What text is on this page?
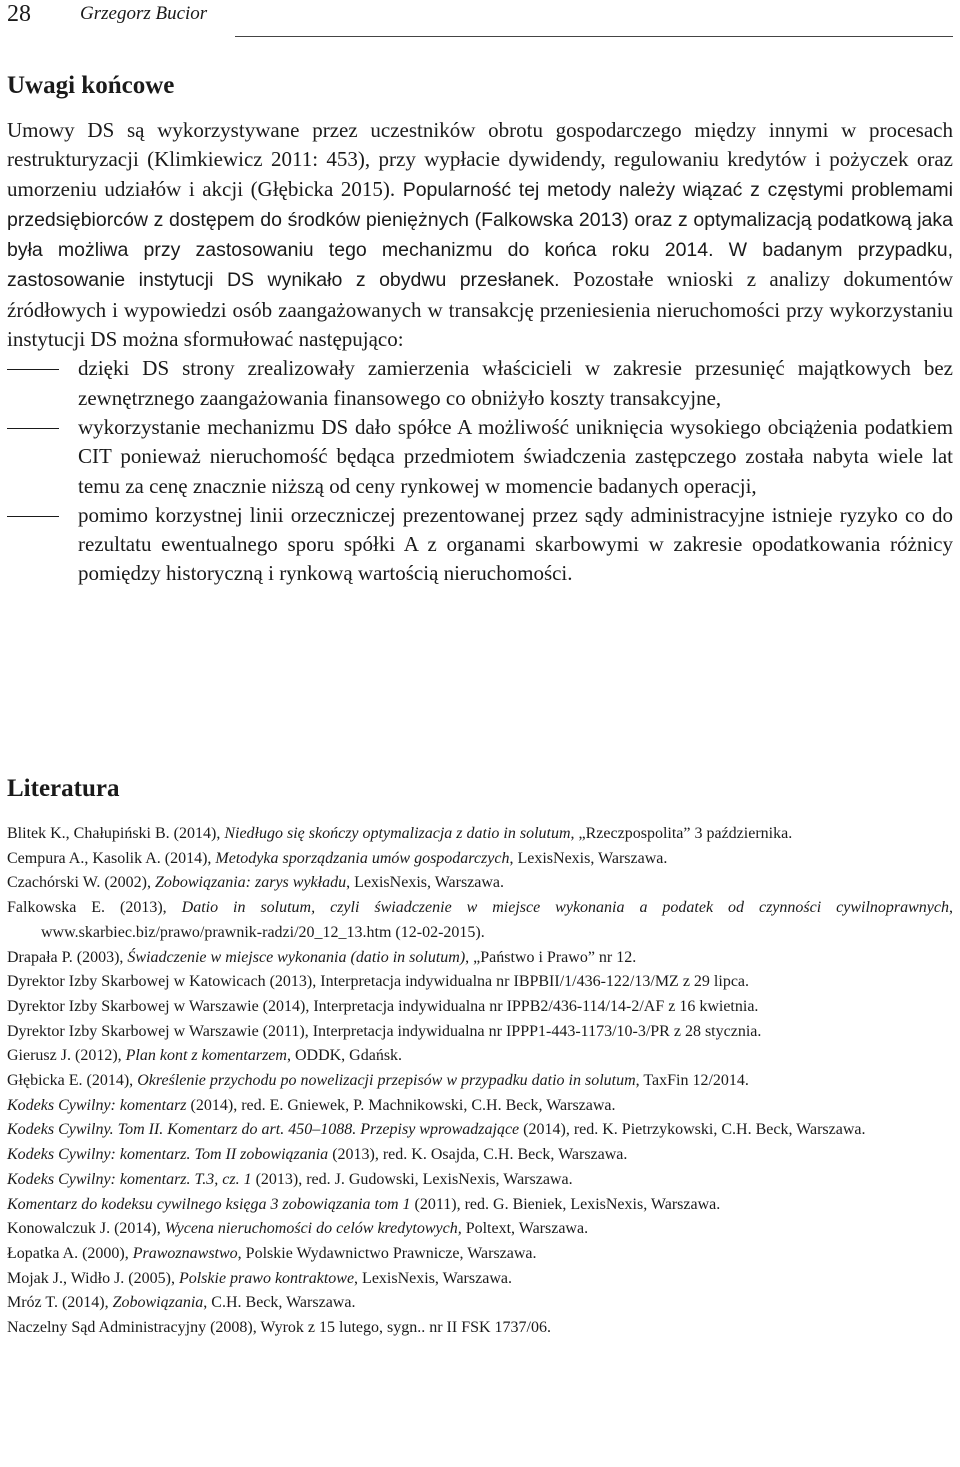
28	Grzegorz Bucior
Uwagi końcowe

Umowy DS są wykorzystywane przez uczestników obrotu gospodarczego między innymi w procesach restrukturyzacji (Klimkiewicz 2011: 453), przy wypłacie dywidendy, regulowaniu kredytów i pożyczek oraz umorzeniu udziałów i akcji (Głębicka 2015). Popularność tej metody należy wiązać z częstymi problemami przedsiębiorców z dostępem do środków pieniężnych (Falkowska 2013) oraz z optymalizacją podatkową jaka była możliwa przy zastosowaniu tego mechanizmu do końca roku 2014. W badanym przypadku, zastosowanie instytucji DS wynikało z obydwu przesłanek. Pozostałe wnioski z analizy dokumentów źródłowych i wypowiedzi osób zaangażowanych w transakcję przeniesienia nieruchomości przy wykorzystaniu instytucji DS można sformułować następująco:

dzięki DS strony zrealizowały zamierzenia właścicieli w zakresie przesunięć majątkowych bez zewnętrznego zaangażowania finansowego co obniżyło koszty transakcyjne,
wykorzystanie mechanizmu DS dało spółce A możliwość uniknięcia wysokiego obciążenia podatkiem CIT ponieważ nieruchomość będąca przedmiotem świadczenia zastępczego została nabyta wiele lat temu za cenę znacznie niższą od ceny rynkowej w momencie badanych operacji,
pomimo korzystnej linii orzeczniczej prezentowanej przez sądy administracyjne istnieje ryzyko co do rezultatu ewentualnego sporu spółki A z organami skarbowymi w zakresie opodatkowania różnicy pomiędzy historyczną i rynkową wartością nieruchomości.
Literatura
Blitek K., Chałupiński B. (2014), Niedługo się skończy optymalizacja z datio in solutum, „Rzeczpospolita” 3 października.
Cempura A., Kasolik A. (2014), Metodyka sporządzania umów gospodarczych, LexisNexis, Warszawa.
Czachórski W. (2002), Zobowiązania: zarys wykładu, LexisNexis, Warszawa.
Falkowska E. (2013), Datio in solutum, czyli świadczenie w miejsce wykonania a podatek od czynności cywilnoprawnych, www.skarbiec.biz/prawo/prawnik-radzi/20_12_13.htm (12-02-2015).
Drapała P. (2003), Świadczenie w miejsce wykonania (datio in solutum), „Państwo i Prawo” nr 12.
Dyrektor Izby Skarbowej w Katowicach (2013), Interpretacja indywidualna nr IBPBII/1/436-122/13/MZ z 29 lipca.
Dyrektor Izby Skarbowej w Warszawie (2014), Interpretacja indywidualna nr IPPB2/436-114/14-2/AF z 16 kwietnia.
Dyrektor Izby Skarbowej w Warszawie (2011), Interpretacja indywidualna nr IPPP1-443-1173/10-3/PR z 28 stycznia.
Gierusz J. (2012), Plan kont z komentarzem, ODDK, Gdańsk.
Głębicka E. (2014), Określenie przychodu po nowelizacji przepisów w przypadku datio in solutum, TaxFin 12/2014.
Kodeks Cywilny: komentarz (2014), red. E. Gniewek, P. Machnikowski, C.H. Beck, Warszawa.
Kodeks Cywilny. Tom II. Komentarz do art. 450–1088. Przepisy wprowadzające (2014), red. K. Pietrzykowski, C.H. Beck, Warszawa.
Kodeks Cywilny: komentarz. Tom II zobowiązania (2013), red. K. Osajda, C.H. Beck, Warszawa.
Kodeks Cywilny: komentarz. T.3, cz. 1 (2013), red. J. Gudowski, LexisNexis, Warszawa.
Komentarz do kodeksu cywilnego księga 3 zobowiązania tom 1 (2011), red. G. Bieniek, LexisNexis, Warszawa.
Konowalczuk J. (2014), Wycena nieruchomości do celów kredytowych, Poltext, Warszawa.
Łopatka A. (2000), Prawoznawstwo, Polskie Wydawnictwo Prawnicze, Warszawa.
Mojak J., Widło J. (2005), Polskie prawo kontraktowe, LexisNexis, Warszawa.
Mróz T. (2014), Zobowiązania, C.H. Beck, Warszawa.
Naczelny Sąd Administracyjny (2008), Wyrok z 15 lutego, sygn.. nr II FSK 1737/06.
